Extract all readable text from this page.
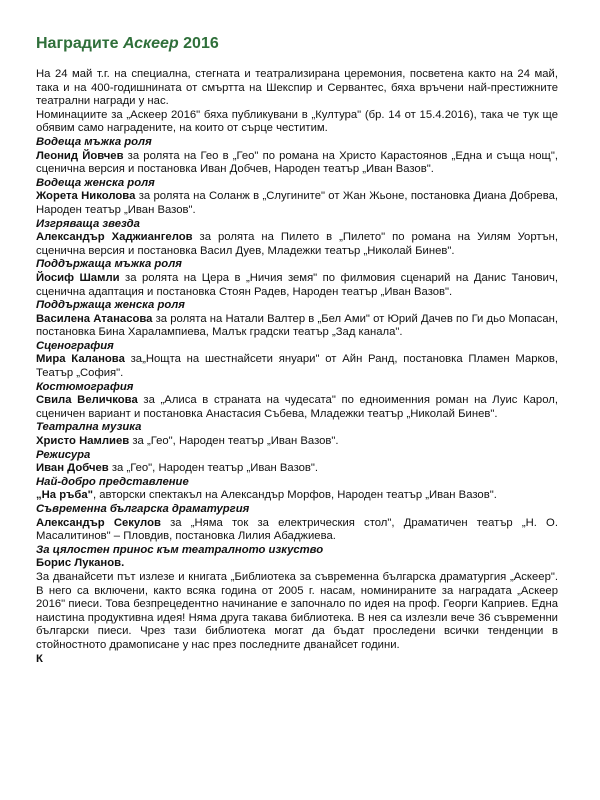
Наградите Аскеер 2016

На 24 май т.г. на специална, стегната и театрализирана церемония, посветена както на 24 май, така и на 400-годишнината от смъртта на Шекспир и Сервантес, бяха връчени най-престижните театрални награди у нас.

Номинациите за „Аскеер 2016" бяха публикувани в „Култура" (бр. 14 от 15.4.2016), така че тук ще обявим само наградените, на които от сърце честитим.

Водеща мъжка роля

Леонид Йовчев за ролята на Гео в „Гео" по романа на Христо Карастоянов „Една и съща нощ", сценична версия и постановка Иван Добчев, Народен театър „Иван Вазов".

Водеща женска роля

Жорета Николова за ролята на Соланж в „Слугините" от Жан Жьоне, постановка Диана Добрева, Народен театър „Иван Вазов".

Изгряваща звезда

Александър Хаджиангелов за ролята на Пилето в „Пилето" по романа на Уилям Уортън, сценична версия и постановка Васил Дуев, Младежки театър „Николай Бинев".

Поддържаща мъжка роля

Йосиф Шамли за ролята на Цера в „Ничия земя" по филмовия сценарий на Данис Танович, сценична адаптация и постановка Стоян Радев, Народен театър „Иван Вазов".

Поддържаща женска роля

Василена Атанасова за ролята на Натали Валтер в „Бел Ами" от Юрий Дачев по Ги дьо Мопасан, постановка Бина Харалампиева, Малък градски театър „Зад канала".

Сценография

Мира Каланова за„Нощта на шестнайсети януари" от Айн Ранд, постановка Пламен Марков, Театър „София".

Костюмография

Свила Величкова за „Алиса в страната на чудесата" по едноименния роман на Луис Карол, сценичен вариант и постановка Анастасия Събева, Младежки театър „Николай Бинев".

Театрална музика

Христо Намлиев за „Гео", Народен театър „Иван Вазов".

Режисура

Иван Добчев за „Гео", Народен театър „Иван Вазов".

Най-добро представление

„На ръба", авторски спектакъл на Александър Морфов, Народен театър „Иван Вазов".

Съвременна българска драматургия

Александър Секулов за „Няма ток за електрическия стол", Драматичен театър „Н. О. Масалитинов" – Пловдив, постановка Лилия Абаджиева.

За цялостен принос към театралното изкуство

Борис Луканов.

За дванайсети път излезе и книгата „Библиотека за съвременна българска драматургия „Аскеер". В него са включени, както всяка година от 2005 г. насам, номинираните за наградата „Аскеер 2016" пиеси. Това безпрецедентно начинание е започнало по идея на проф. Георги Каприев. Една наистина продуктивна идея! Няма друга такава библиотека. В нея са излезли вече 36 съвременни български пиеси. Чрез тази библиотека могат да бъдат проследени всички тенденции в стойностното драмописане у нас през последните дванайсет години.

К
